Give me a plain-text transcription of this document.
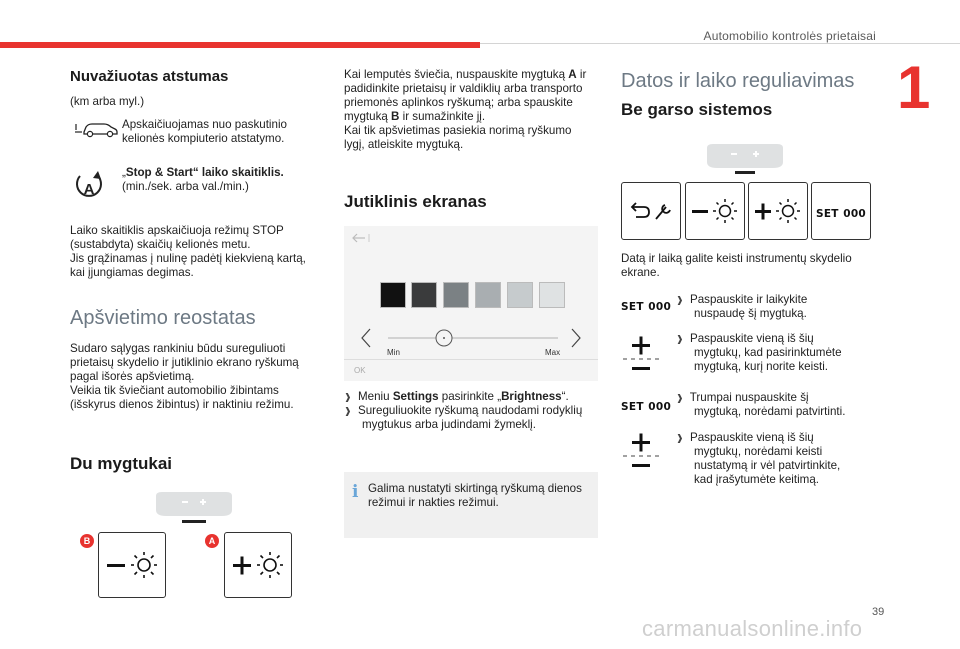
Automobilio kontrolės prietaisai
1
Nuvažiuotas atstumas
(km arba myl.)
Apskaičiuojamas nuo paskutinio
kelionės kompiuterio atstatymo.
A
„Stop & Start“ laiko skaitiklis.
(min./sek. arba val./min.)
Laiko skaitiklis apskaičiuoja režimų STOP
(sustabdyta) skaičių kelionės metu.
Jis grąžinamas į nulinę padėtį kiekvieną kartą,
kai įjungiamas degimas.
Apšvietimo reostatas
Sudaro sąlygas rankiniu būdu sureguliuoti
prietaisų skydelio ir jutiklinio ekrano ryškumą
pagal išorės apšvietimą.
Veikia tik šviečiant automobilio žibintams
(išskyrus dienos žibintus) ir naktiniu režimu.
Du mygtukai
B	A
Kai lemputės šviečia, nuspauskite mygtuką A ir
padidinkite prietaisų ir valdiklių arba transporto
priemonės aplinkos ryškumą; arba spauskite
mygtuką B ir sumažinkite jį.
Kai tik apšvietimas pasiekia norimą ryškumo
lygį, atleiskite mygtuką.
Jutiklinis ekranas
Min	Max
OK
❱ Meniu Settings pasirinkite „Brightness“.
❱ Sureguliuokite ryškumą naudodami rodyklių
mygtukus arba judindami žymeklį.
i Galima nustatyti skirtingą ryškumą dienos
režimui ir nakties režimui.
Datos ir laiko reguliavimas
Be garso sistemos
SET 000
Datą ir laiką galite keisti instrumentų skydelio
ekrane.
SET 000
❱ Paspauskite ir laikykite
nuspaudę šį mygtuką.
❱ Paspauskite vieną iš šių
mygtukų, kad pasirinktumėte
mygtuką, kurį norite keisti.
SET 000
❱ Trumpai nuspauskite šį
mygtuką, norėdami patvirtinti.
❱ Paspauskite vieną iš šių
mygtukų, norėdami keisti
nustatymą ir vėl patvirtinkite,
kad įrašytumėte keitimą.
39
carmanualsonline.info
